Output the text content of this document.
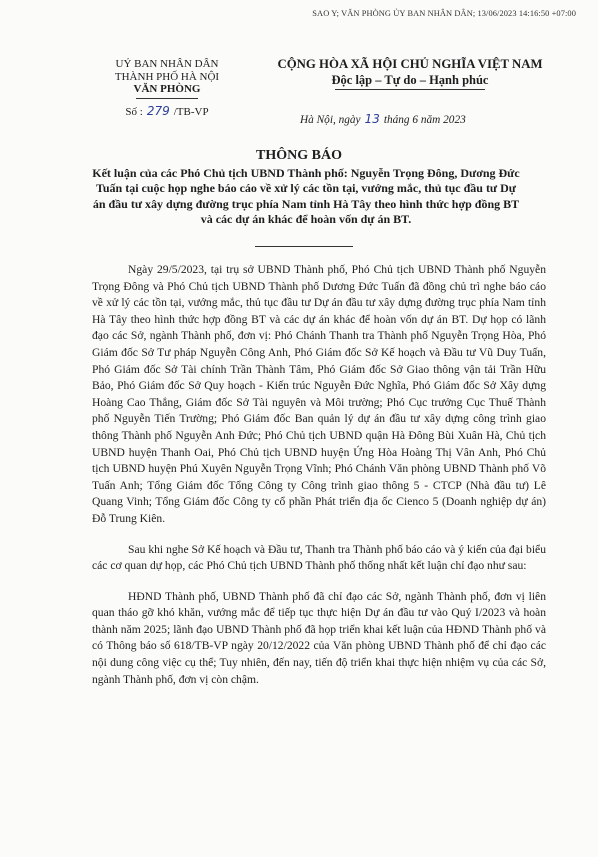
SAO Y; VĂN PHÒNG ỦY BAN NHÂN DÂN; 13/06/2023 14:16:50 +07:00
UỶ BAN NHÂN DÂN
THÀNH PHỐ HÀ NỘI
VĂN PHÒNG
Số : 279 /TB-VP
CỘNG HÒA XÃ HỘI CHỦ NGHĨA VIỆT NAM
Độc lập – Tự do – Hạnh phúc
Hà Nội, ngày 13 tháng 6 năm 2023
THÔNG BÁO
Kết luận của các Phó Chủ tịch UBND Thành phố: Nguyễn Trọng Đông, Dương Đức Tuấn tại cuộc họp nghe báo cáo về xử lý các tồn tại, vướng mắc, thủ tục đầu tư Dự án đầu tư xây dựng đường trục phía Nam tỉnh Hà Tây theo hình thức hợp đồng BT và các dự án khác để hoàn vốn dự án BT.

Ngày 29/5/2023, tại trụ sở UBND Thành phố, Phó Chủ tịch UBND Thành phố Nguyễn Trọng Đông và Phó Chủ tịch UBND Thành phố Dương Đức Tuấn đã đồng chủ trì nghe báo cáo về xử lý các tồn tại, vướng mắc, thủ tục đầu tư Dự án đầu tư xây dựng đường trục phía Nam tỉnh Hà Tây theo hình thức hợp đồng BT và các dự án khác để hoàn vốn dự án BT. Dự họp có lãnh đạo các Sở, ngành Thành phố, đơn vị: Phó Chánh Thanh tra Thành phố Nguyễn Trọng Hòa, Phó Giám đốc Sở Tư pháp Nguyễn Công Anh, Phó Giám đốc Sở Kế hoạch và Đầu tư Vũ Duy Tuấn, Phó Giám đốc Sở Tài chính Trần Thành Tâm, Phó Giám đốc Sở Giao thông vận tải Trần Hữu Bảo, Phó Giám đốc Sở Quy hoạch - Kiến trúc Nguyễn Đức Nghĩa, Phó Giám đốc Sở Xây dựng Hoàng Cao Thắng, Giám đốc Sở Tài nguyên và Môi trường; Phó Cục trưởng Cục Thuế Thành phố Nguyễn Tiến Trường; Phó Giám đốc Ban quản lý dự án đầu tư xây dựng công trình giao thông Thành phố Nguyễn Anh Đức; Phó Chủ tịch UBND quận Hà Đông Bùi Xuân Hà, Chủ tịch UBND huyện Thanh Oai, Phó Chủ tịch UBND huyện Ứng Hòa Hoàng Thị Vân Anh, Phó Chủ tịch UBND huyện Phú Xuyên Nguyễn Trọng Vĩnh; Phó Chánh Văn phòng UBND Thành phố Võ Tuấn Anh; Tổng Giám đốc Tổng Công ty Công trình giao thông 5 - CTCP (Nhà đầu tư) Lê Quang Vinh; Tổng Giám đốc Công ty cổ phần Phát triển địa ốc Cienco 5 (Doanh nghiệp dự án) Đỗ Trung Kiên.

Sau khi nghe Sở Kế hoạch và Đầu tư, Thanh tra Thành phố báo cáo và ý kiến của đại biểu các cơ quan dự họp, các Phó Chủ tịch UBND Thành phố thống nhất kết luận chỉ đạo như sau:

HĐND Thành phố, UBND Thành phố đã chỉ đạo các Sở, ngành Thành phố, đơn vị liên quan tháo gỡ khó khăn, vướng mắc để tiếp tục thực hiện Dự án đầu tư vào Quý I/2023 và hoàn thành năm 2025; lãnh đạo UBND Thành phố đã họp triển khai kết luận của HĐND Thành phố và có Thông báo số 618/TB-VP ngày 20/12/2022 của Văn phòng UBND Thành phố để chỉ đạo các nội dung công việc cụ thể; Tuy nhiên, đến nay, tiến độ triển khai thực hiện nhiệm vụ của các Sở, ngành Thành phố, đơn vị còn chậm.
